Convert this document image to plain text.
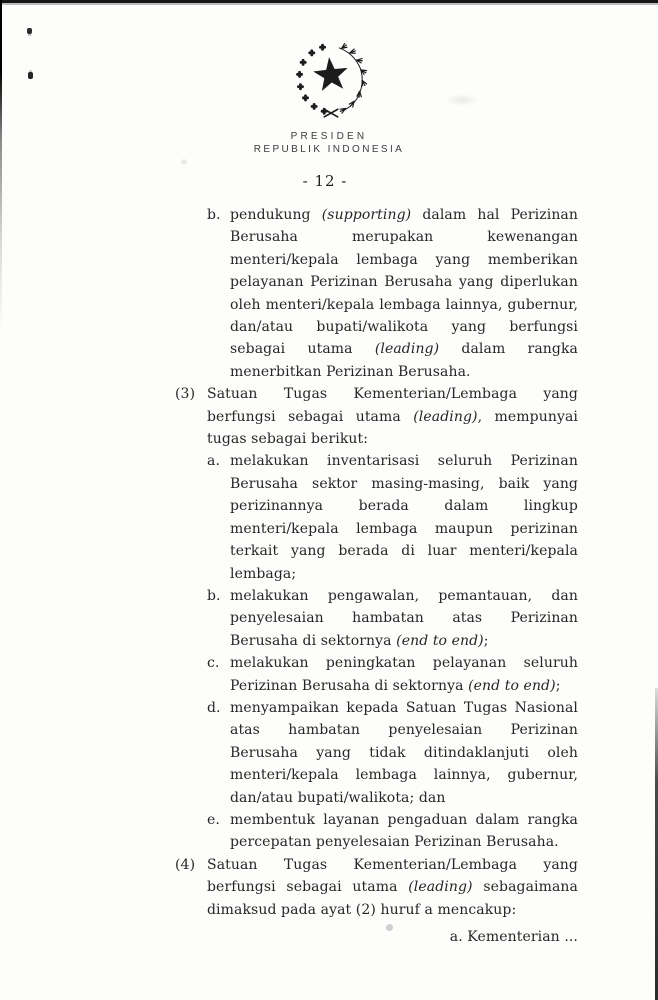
PRESIDEN
REPUBLIK INDONESIA
- 12 -
b. pendukung (supporting) dalam hal Perizinan Berusaha merupakan kewenangan menteri/kepala lembaga yang memberikan pelayanan Perizinan Berusaha yang diperlukan oleh menteri/kepala lembaga lainnya, gubernur, dan/atau bupati/walikota yang berfungsi sebagai utama (leading) dalam rangka menerbitkan Perizinan Berusaha.
(3) Satuan Tugas Kementerian/Lembaga yang berfungsi sebagai utama (leading), mempunyai tugas sebagai berikut:
a. melakukan inventarisasi seluruh Perizinan Berusaha sektor masing-masing, baik yang perizinannya berada dalam lingkup menteri/kepala lembaga maupun perizinan terkait yang berada di luar menteri/kepala lembaga;
b. melakukan pengawalan, pemantauan, dan penyelesaian hambatan atas Perizinan Berusaha di sektornya (end to end);
c. melakukan peningkatan pelayanan seluruh Perizinan Berusaha di sektornya (end to end);
d. menyampaikan kepada Satuan Tugas Nasional atas hambatan penyelesaian Perizinan Berusaha yang tidak ditindaklanjuti oleh menteri/kepala lembaga lainnya, gubernur, dan/atau bupati/walikota; dan
e. membentuk layanan pengaduan dalam rangka percepatan penyelesaian Perizinan Berusaha.
(4) Satuan Tugas Kementerian/Lembaga yang berfungsi sebagai utama (leading) sebagaimana dimaksud pada ayat (2) huruf a mencakup:
a. Kementerian ...
